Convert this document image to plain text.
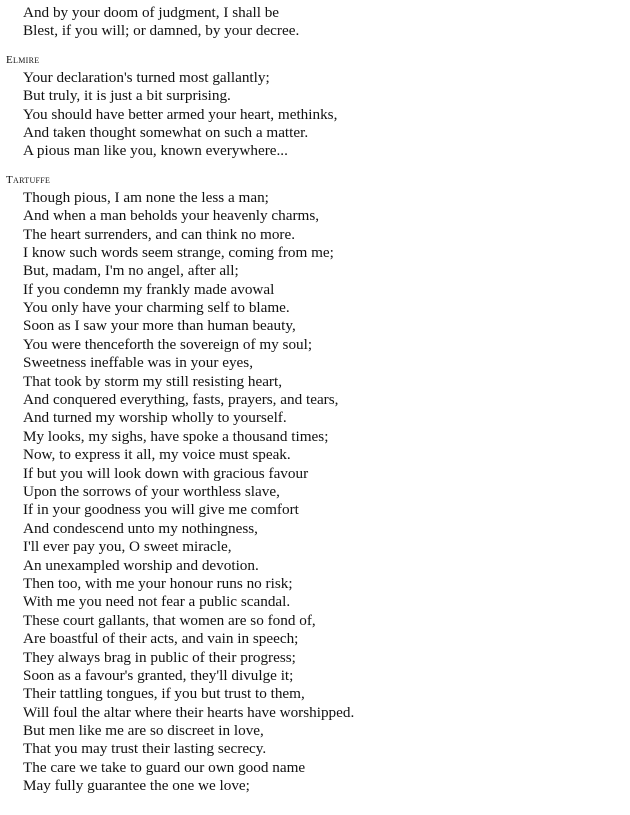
And by your doom of judgment, I shall be
Blest, if you will; or damned, by your decree.
Elmire
Your declaration's turned most gallantly;
But truly, it is just a bit surprising.
You should have better armed your heart, methinks,
And taken thought somewhat on such a matter.
A pious man like you, known everywhere...
Tartuffe
Though pious, I am none the less a man;
And when a man beholds your heavenly charms,
The heart surrenders, and can think no more.
I know such words seem strange, coming from me;
But, madam, I'm no angel, after all;
If you condemn my frankly made avowal
You only have your charming self to blame.
Soon as I saw your more than human beauty,
You were thenceforth the sovereign of my soul;
Sweetness ineffable was in your eyes,
That took by storm my still resisting heart,
And conquered everything, fasts, prayers, and tears,
And turned my worship wholly to yourself.
My looks, my sighs, have spoke a thousand times;
Now, to express it all, my voice must speak.
If but you will look down with gracious favour
Upon the sorrows of your worthless slave,
If in your goodness you will give me comfort
And condescend unto my nothingness,
I'll ever pay you, O sweet miracle,
An unexampled worship and devotion.
Then too, with me your honour runs no risk;
With me you need not fear a public scandal.
These court gallants, that women are so fond of,
Are boastful of their acts, and vain in speech;
They always brag in public of their progress;
Soon as a favour's granted, they'll divulge it;
Their tattling tongues, if you but trust to them,
Will foul the altar where their hearts have worshipped.
But men like me are so discreet in love,
That you may trust their lasting secrecy.
The care we take to guard our own good name
May fully guarantee the one we love;
